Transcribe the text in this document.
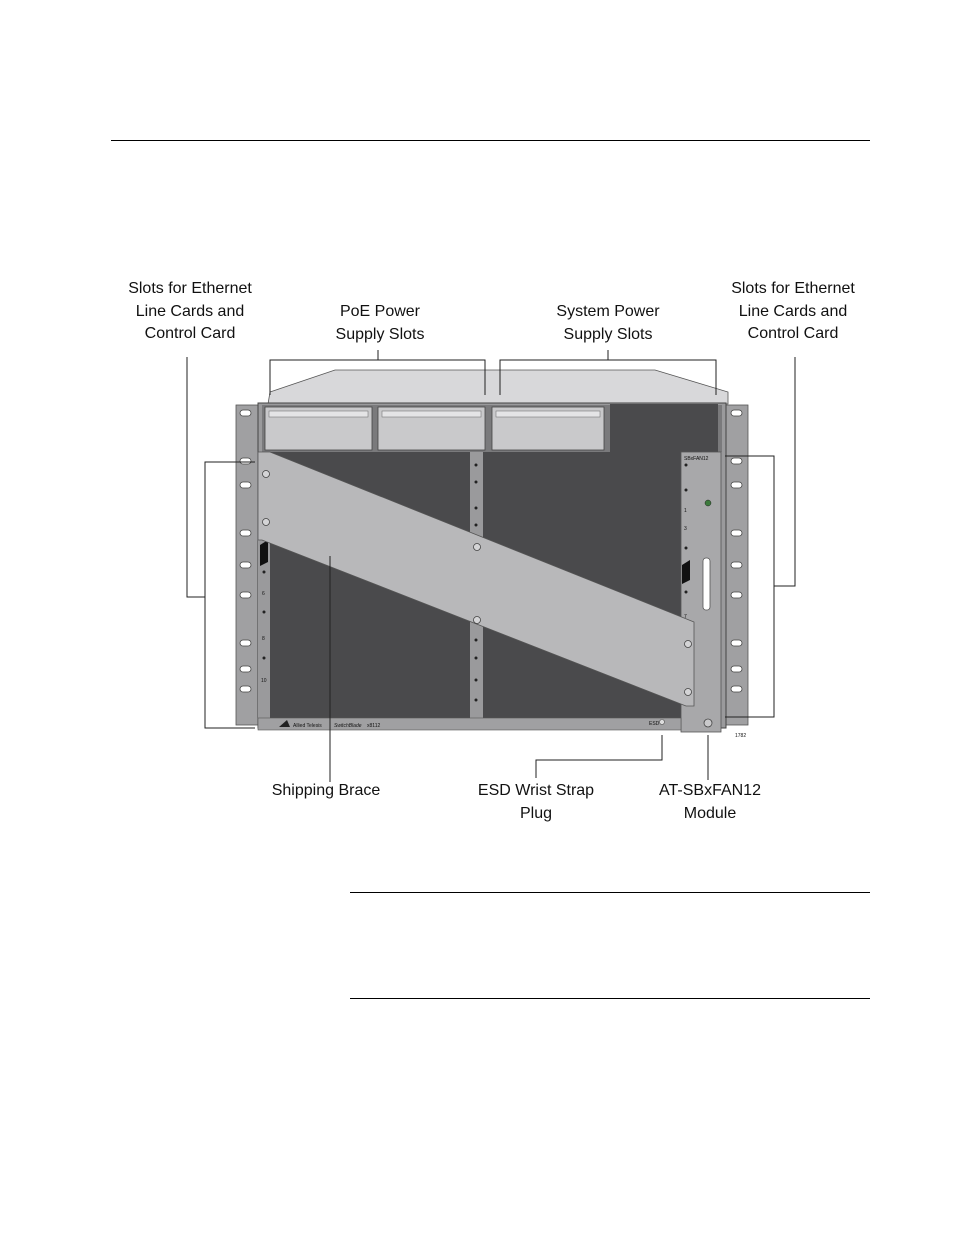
Slots for Ethernet
Line Cards and
Control Card
PoE Power
Supply Slots
System Power
Supply Slots
Slots for Ethernet
Line Cards and
Control Card
Shipping Brace	ESD Wrist Strap
Plug
AT-SBxFAN12
Module
SBxFAN12
6
8
10
1
3
7
Allied Telesis SwitchBlade x8112	ESD
1782
